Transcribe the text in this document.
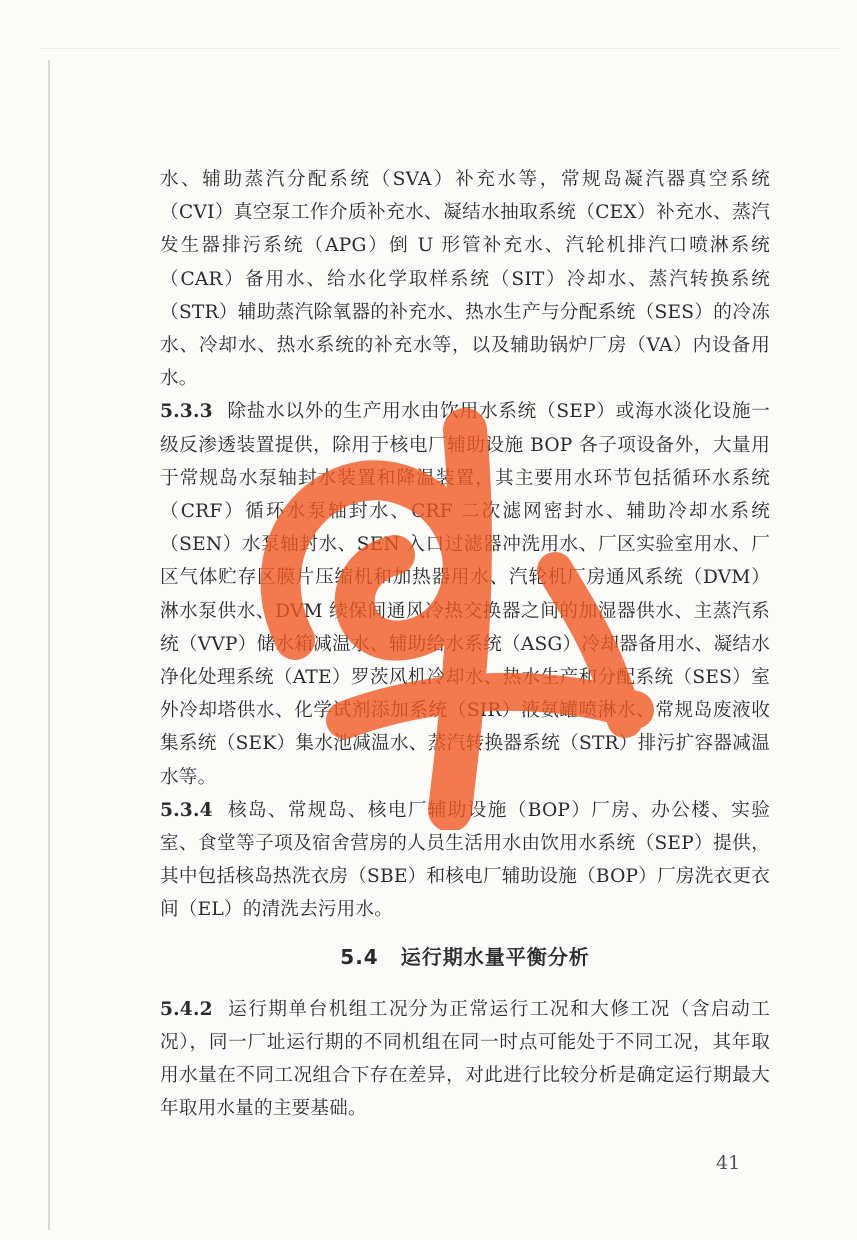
水、辅助蒸汽分配系统（SVA）补充水等，常规岛凝汽器真空系统（CVI）真空泵工作介质补充水、凝结水抽取系统（CEX）补充水、蒸汽发生器排污系统（APG）倒 U 形管补充水、汽轮机排汽口喷淋系统（CAR）备用水、给水化学取样系统（SIT）冷却水、蒸汽转换系统（STR）辅助蒸汽除氧器的补充水、热水生产与分配系统（SES）的冷冻水、冷却水、热水系统的补充水等，以及辅助锅炉厂房（VA）内设备用水。

5.3.3 除盐水以外的生产用水由饮用水系统（SEP）或海水淡化设施一级反渗透装置提供，除用于核电厂辅助设施 BOP 各子项设备外，大量用于常规岛水泵轴封水装置和降温装置，其主要用水环节包括循环水系统（CRF）循环水泵轴封水、CRF 二次滤网密封水、辅助冷却水系统（SEN）水泵轴封水、SEN 入口过滤器冲洗用水、厂区实验室用水、厂区气体贮存区膜片压缩机和加热器用水、汽轮机厂房通风系统（DVM）淋水泵供水、DVM 续保间通风冷热交换器之间的加湿器供水、主蒸汽系统（VVP）储水箱减温水、辅助给水系统（ASG）冷却器备用水、凝结水净化处理系统（ATE）罗茨风机冷却水、热水生产和分配系统（SES）室外冷却塔供水、化学试剂添加系统（SIR）液氨罐喷淋水、常规岛废液收集系统（SEK）集水池减温水、蒸汽转换器系统（STR）排污扩容器减温水等。

5.3.4 核岛、常规岛、核电厂辅助设施（BOP）厂房、办公楼、实验室、食堂等子项及宿舍营房的人员生活用水由饮用水系统（SEP）提供，其中包括核岛热洗衣房（SBE）和核电厂辅助设施（BOP）厂房洗衣更衣间（EL）的清洗去污用水。

5.4 运行期水量平衡分析

5.4.2 运行期单台机组工况分为正常运行工况和大修工况（含启动工况），同一厂址运行期的不同机组在同一时点可能处于不同工况，其年取用水量在不同工况组合下存在差异，对此进行比较分析是确定运行期最大年取用水量的主要基础。

41
